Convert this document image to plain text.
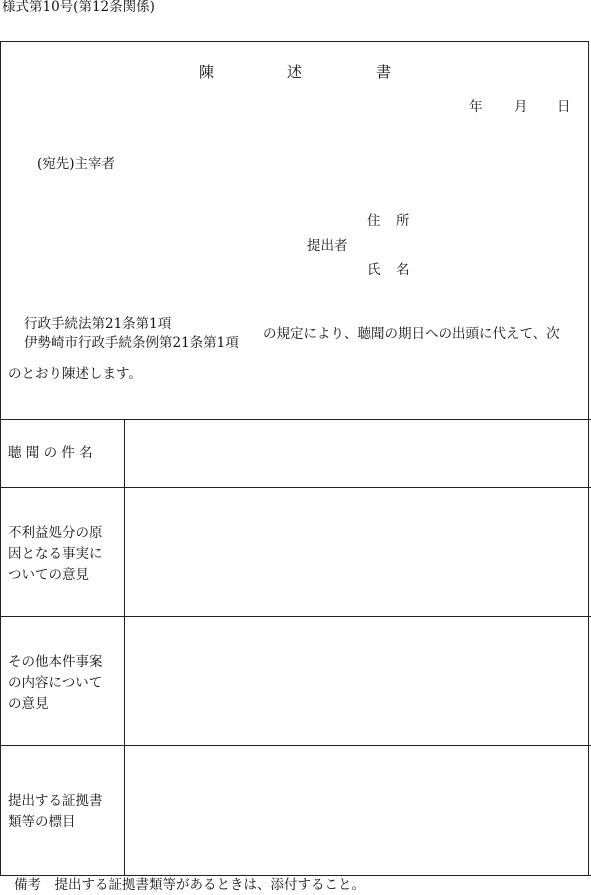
様式第10号(第12条関係)
陳	述	書
年 月 日
(宛先)主宰者
住 所
提出者
氏 名
行政手続法第21条第1項
伊勢崎市行政手続条例第21条第1項
の規定により、聴聞の期日への出頭に代えて、次
のとおり陳述します。
聴 聞 の 件 名
不利益処分の原
因となる事実に
ついての意見
その他本件事案
の内容について
の意見
提出する証拠書
類等の標目
備考　提出する証拠書類等があるときは、添付すること。
